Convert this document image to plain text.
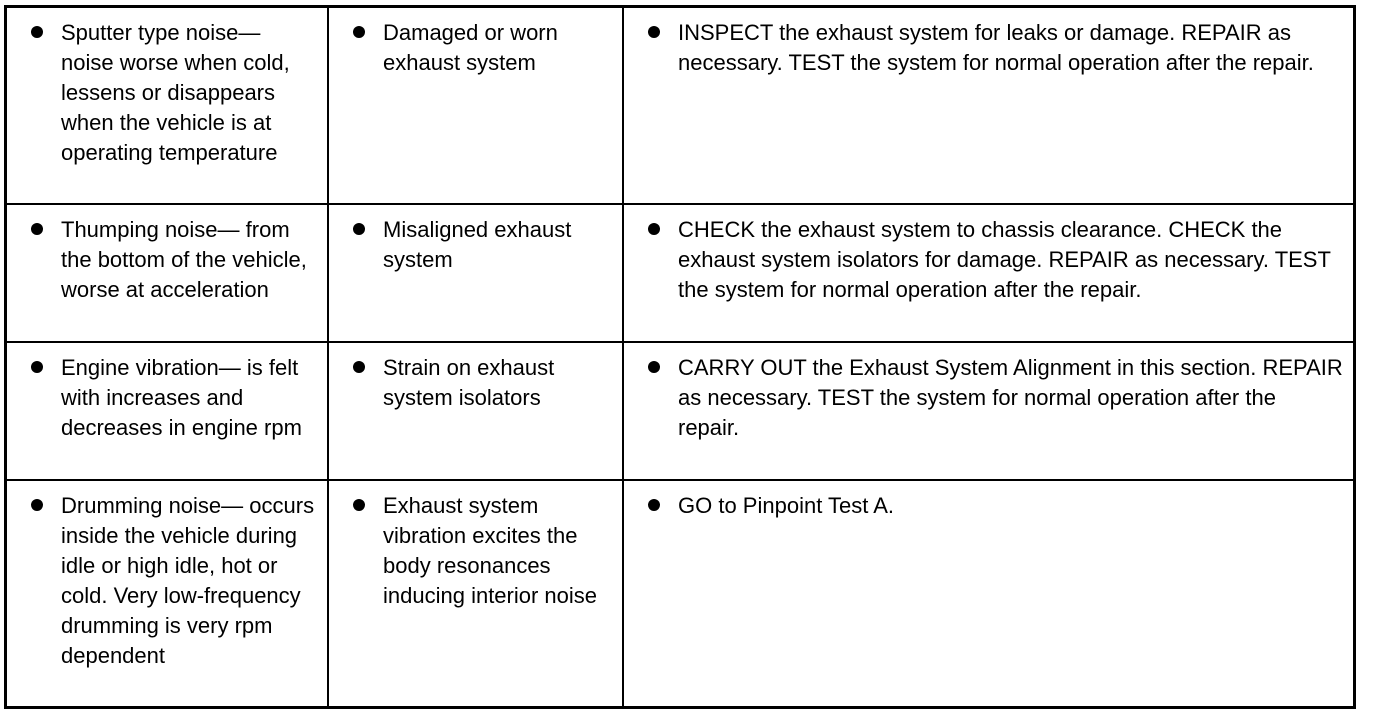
Sputter type noise— noise worse when cold, lessens or disappears when the vehicle is at operating temperature	Damaged or worn exhaust system	INSPECT the exhaust system for leaks or damage. REPAIR as necessary. TEST the system for normal operation after the repair.

Thumping noise— from the bottom of the vehicle, worse at acceleration	Misaligned exhaust system	CHECK the exhaust system to chassis clearance. CHECK the exhaust system isolators for damage. REPAIR as necessary. TEST the system for normal operation after the repair.

Engine vibration— is felt with increases and decreases in engine rpm	Strain on exhaust system isolators	CARRY OUT the Exhaust System Alignment in this section. REPAIR as necessary. TEST the system for normal operation after the repair.

Drumming noise— occurs inside the vehicle during idle or high idle, hot or cold. Very low-frequency drumming is very rpm dependent	Exhaust system vibration excites the body resonances inducing interior noise	GO to Pinpoint Test A.
